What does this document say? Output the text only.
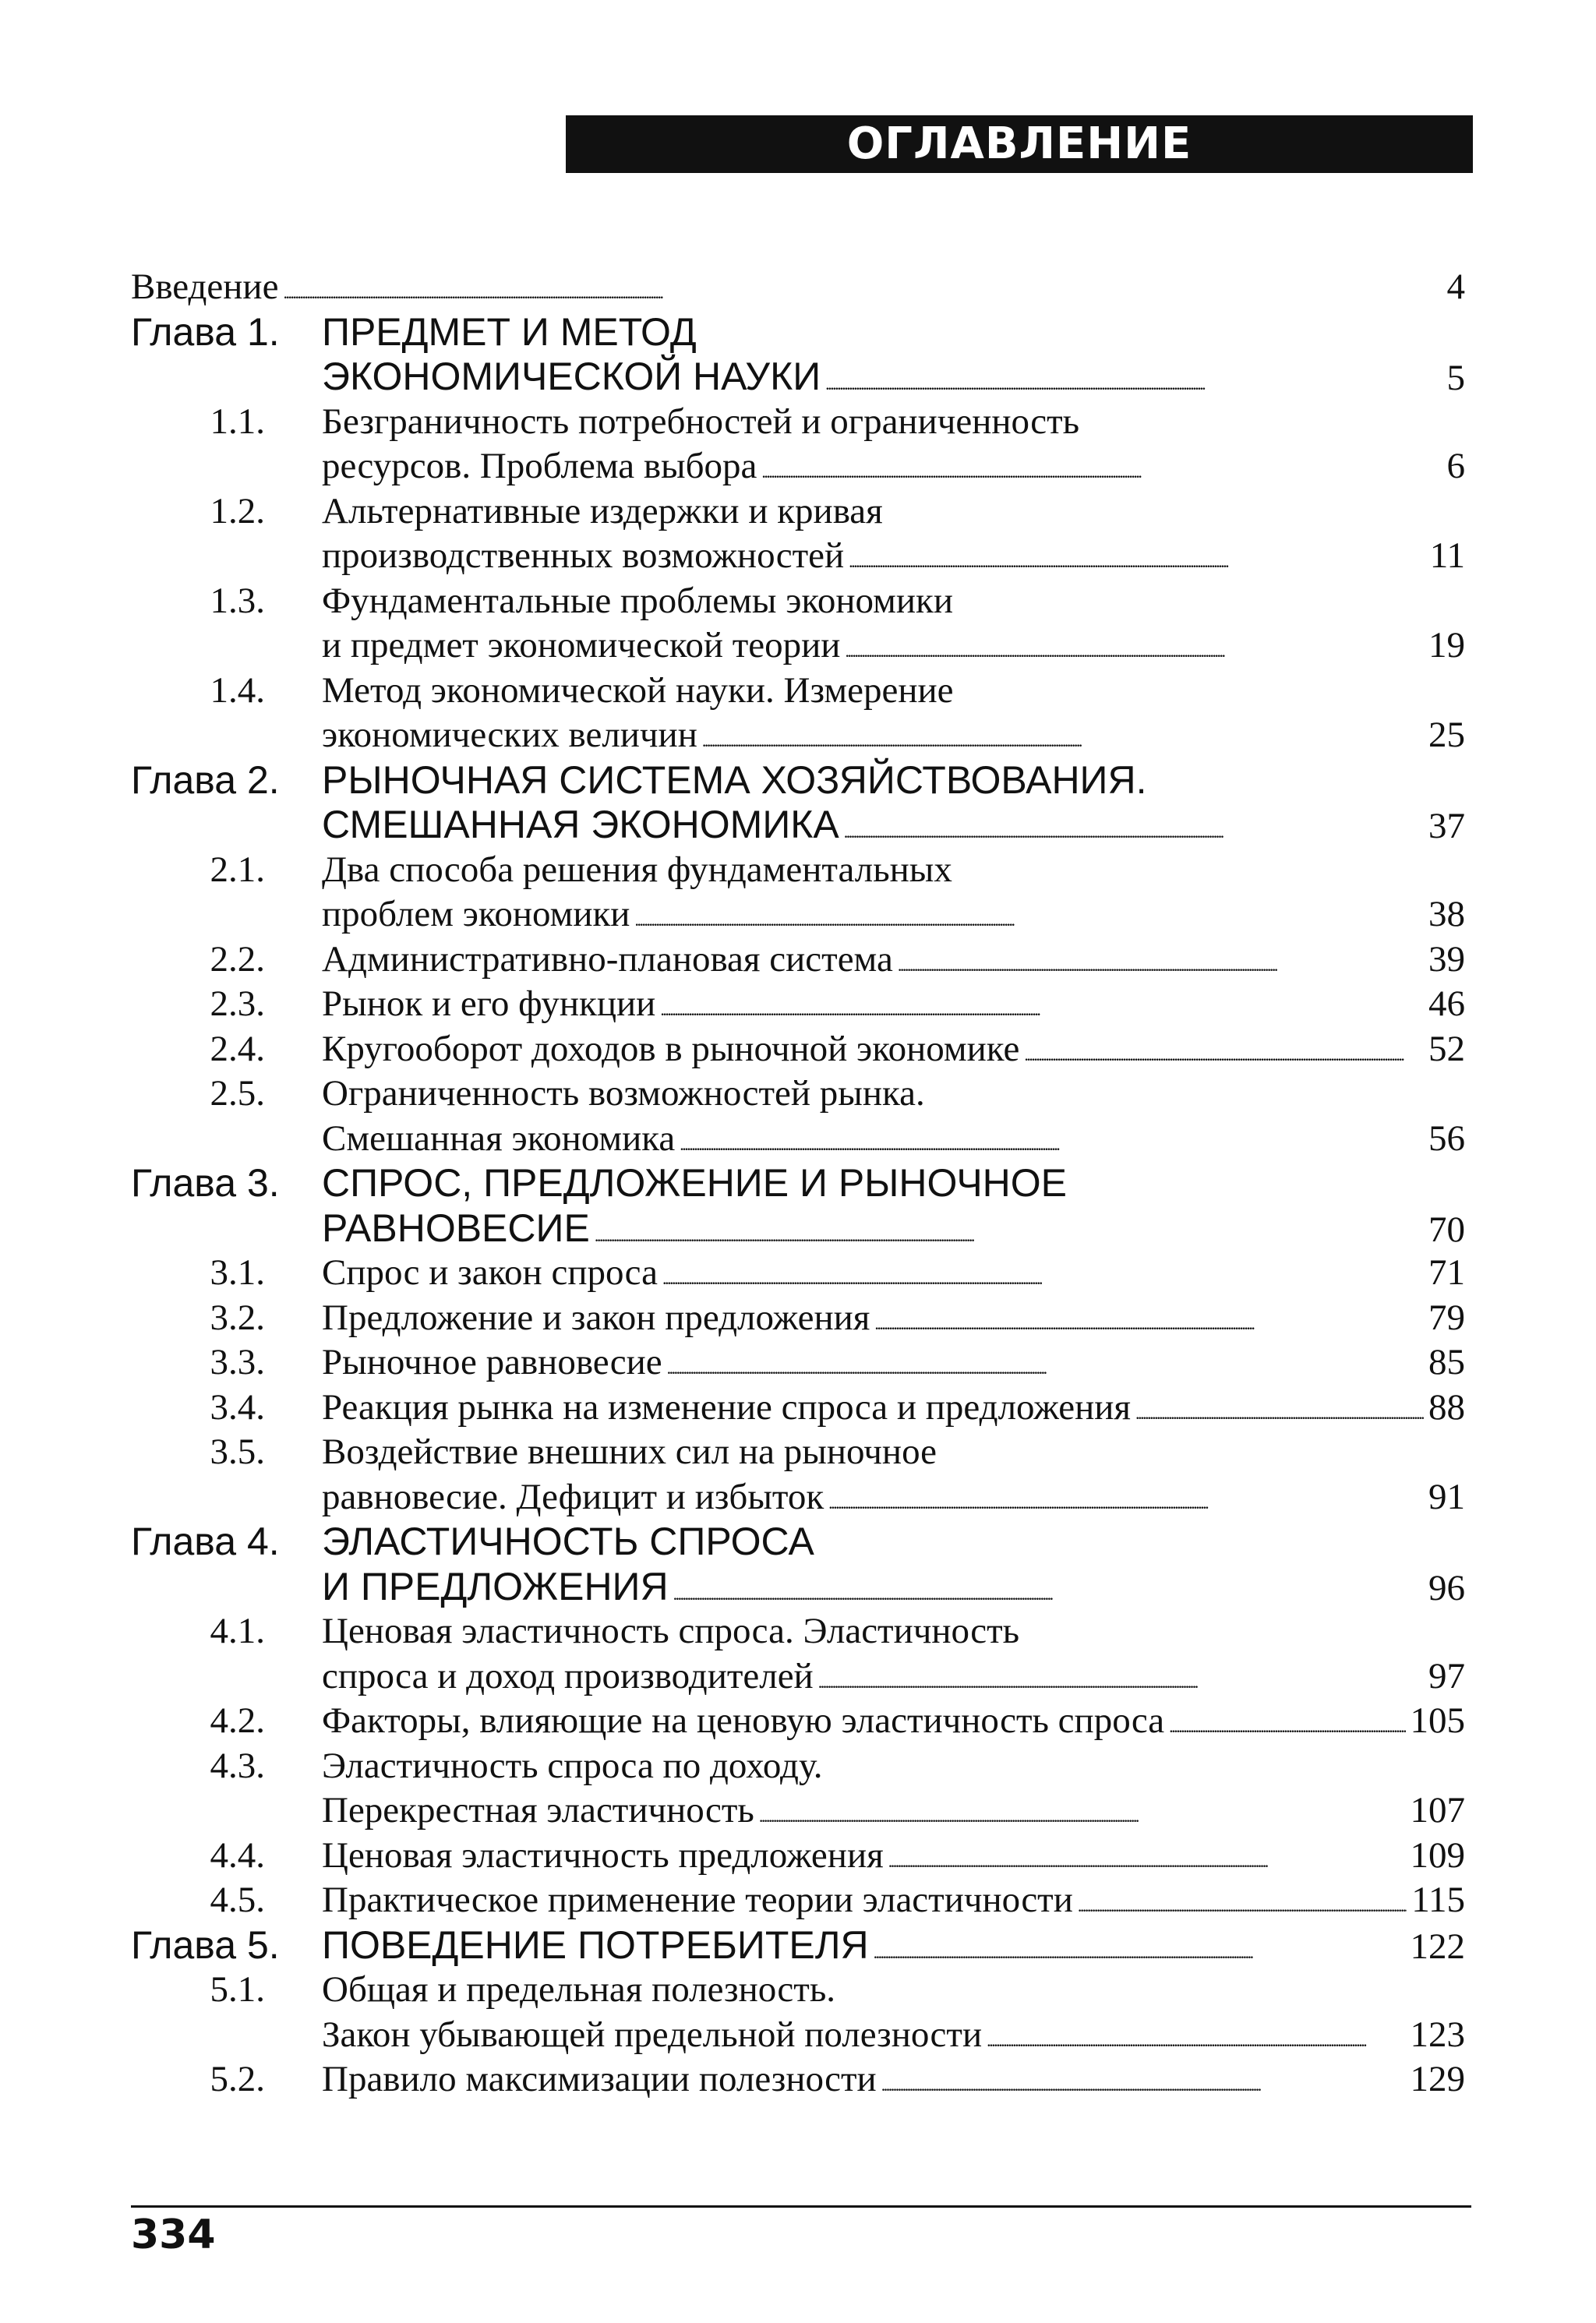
ОГЛАВЛЕНИЕ
Введение . . .	4
Глава 1. ПРЕДМЕТ И МЕТОД
ЭКОНОМИЧЕСКОЙ НАУКИ . . .	5
1.1. Безграничность потребностей и ограниченность
ресурсов. Проблема выбора . . .	6
1.2. Альтернативные издержки и кривая
производственных возможностей . . .	11
1.3. Фундаментальные проблемы экономики
и предмет экономической теории . . .	19
1.4. Метод экономической науки. Измерение
экономических величин . . .	25
Глава 2. РЫНОЧНАЯ СИСТЕМА ХОЗЯЙСТВОВАНИЯ.
СМЕШАННАЯ ЭКОНОМИКА . . .	37
2.1. Два способа решения фундаментальных
проблем экономики . . .	38
2.2. Административно-плановая система . . .	39
2.3. Рынок и его функции . . .	46
2.4. Кругооборот доходов в рыночной экономике . . .	52
2.5. Ограниченность возможностей рынка.
Смешанная экономика . . .	56
Глава 3. СПРОС, ПРЕДЛОЖЕНИЕ И РЫНОЧНОЕ
РАВНОВЕСИЕ . . .	70
3.1. Спрос и закон спроса . . .	71
3.2. Предложение и закон предложения . . .	79
3.3. Рыночное равновесие . . .	85
3.4. Реакция рынка на изменение спроса и предложения . . .	88
3.5. Воздействие внешних сил на рыночное
равновесие. Дефицит и избыток . . .	91
Глава 4. ЭЛАСТИЧНОСТЬ СПРОСА
И ПРЕДЛОЖЕНИЯ . . .	96
4.1. Ценовая эластичность спроса. Эластичность
спроса и доход производителей . . .	97
4.2. Факторы, влияющие на ценовую эластичность спроса . . .	105
4.3. Эластичность спроса по доходу.
Перекрестная эластичность . . .	107
4.4. Ценовая эластичность предложения . . .	109
4.5. Практическое применение теории эластичности . . .	115
Глава 5. ПОВЕДЕНИЕ ПОТРЕБИТЕЛЯ . . .	122
5.1. Общая и предельная полезность.
Закон убывающей предельной полезности . . .	123
5.2. Правило максимизации полезности . . .	129
334
